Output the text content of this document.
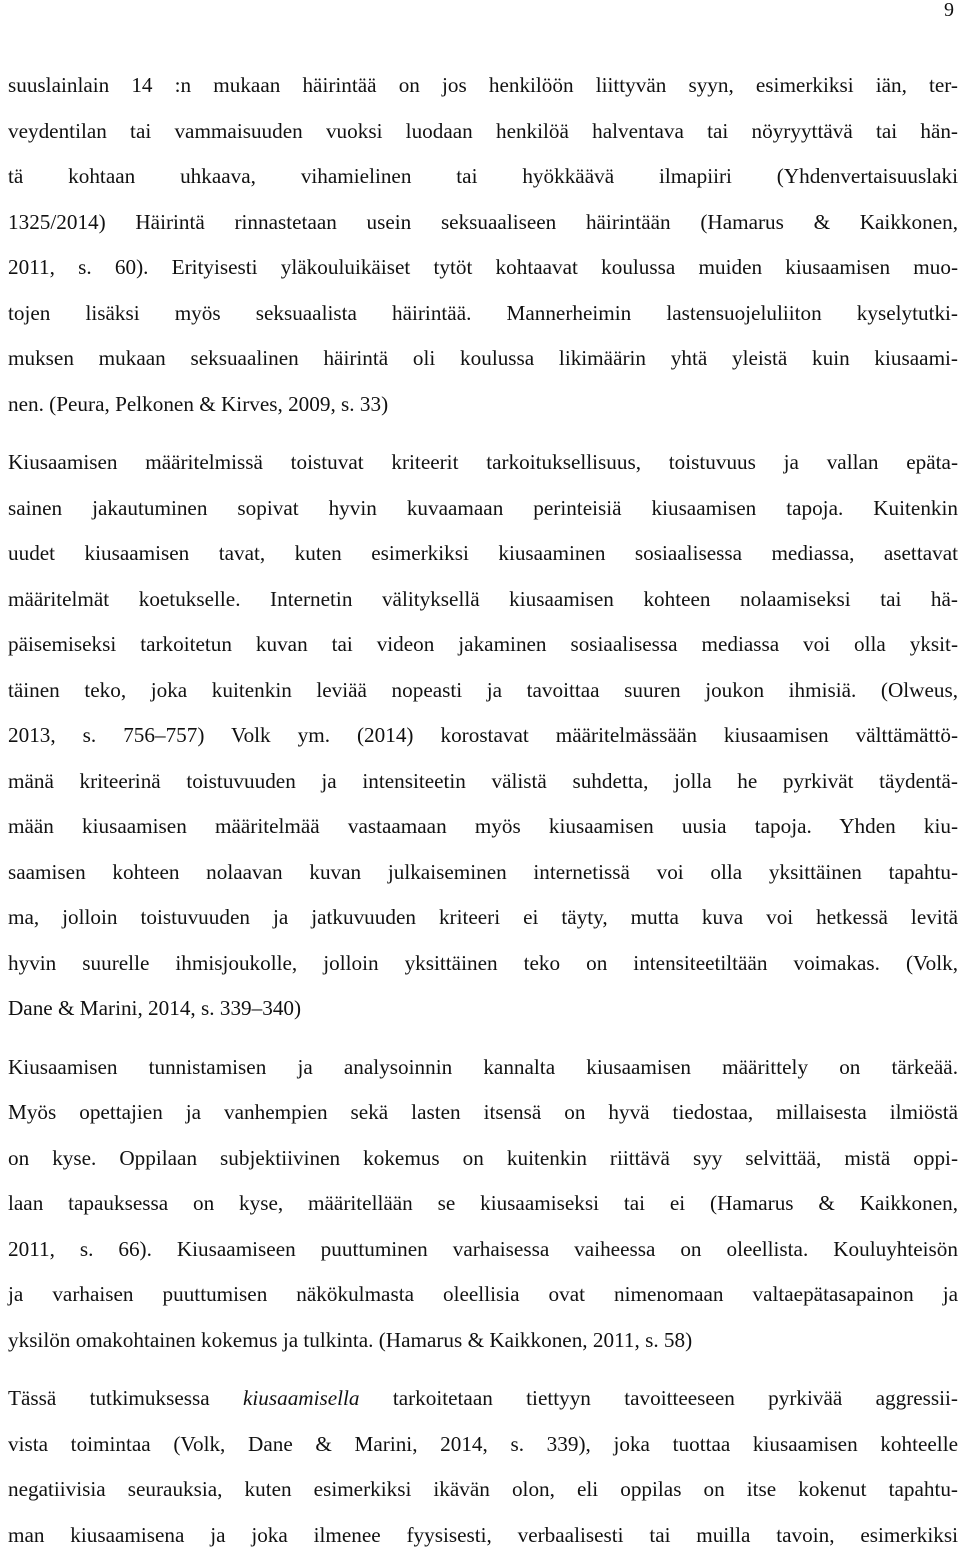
9

suuslainlain 14 :n mukaan häirintää on jos henkilöön liittyvän syyn, esimerkiksi iän, ter-
veydentilan tai vammaisuuden vuoksi luodaan henkilöä halventava tai nöyryyttävä tai hän-
tä kohtaan uhkaava, vihamielinen tai hyökkäävä ilmapiiri (Yhdenvertaisuuslaki
1325/2014) Häirintä rinnastetaan usein seksuaaliseen häirintään (Hamarus & Kaikkonen,
2011, s. 60). Erityisesti yläkouluikäiset tytöt kohtaavat koulussa muiden kiusaamisen muo-
tojen lisäksi myös seksuaalista häirintää. Mannerheimin lastensuojeluliiton kyselytutki-
muksen mukaan seksuaalinen häirintä oli koulussa likimäärin yhtä yleistä kuin kiusaami-
nen. (Peura, Pelkonen & Kirves, 2009, s. 33)

Kiusaamisen määritelmissä toistuvat kriteerit tarkoituksellisuus, toistuvuus ja vallan epäta-
sainen jakautuminen sopivat hyvin kuvaamaan perinteisiä kiusaamisen tapoja. Kuitenkin
uudet kiusaamisen tavat, kuten esimerkiksi kiusaaminen sosiaalisessa mediassa, asettavat
määritelmät koetukselle. Internetin välityksellä kiusaamisen kohteen nolaamiseksi tai hä-
päisemiseksi tarkoitetun kuvan tai videon jakaminen sosiaalisessa mediassa voi olla yksit-
täinen teko, joka kuitenkin leviää nopeasti ja tavoittaa suuren joukon ihmisiä. (Olweus,
2013, s. 756–757) Volk ym. (2014) korostavat määritelmässään kiusaamisen välttämättö-
mänä kriteerinä toistuvuuden ja intensiteetin välistä suhdetta, jolla he pyrkivät täydentä-
mään kiusaamisen määritelmää vastaamaan myös kiusaamisen uusia tapoja. Yhden kiu-
saamisen kohteen nolaavan kuvan julkaiseminen internetissä voi olla yksittäinen tapahtu-
ma, jolloin toistuvuuden ja jatkuvuuden kriteeri ei täyty, mutta kuva voi hetkessä levitä
hyvin suurelle ihmisjoukolle, jolloin yksittäinen teko on intensiteetiltään voimakas. (Volk,
Dane & Marini, 2014, s. 339–340)

Kiusaamisen tunnistamisen ja analysoinnin kannalta kiusaamisen määrittely on tärkeää.
Myös opettajien ja vanhempien sekä lasten itsensä on hyvä tiedostaa, millaisesta ilmiöstä
on kyse. Oppilaan subjektiivinen kokemus on kuitenkin riittävä syy selvittää, mistä oppi-
laan tapauksessa on kyse, määritellään se kiusaamiseksi tai ei (Hamarus & Kaikkonen,
2011, s. 66). Kiusaamiseen puuttuminen varhaisessa vaiheessa on oleellista. Kouluyhteisön
ja varhaisen puuttumisen näkökulmasta oleellisia ovat nimenomaan valtaepätasapainon ja
yksilön omakohtainen kokemus ja tulkinta. (Hamarus & Kaikkonen, 2011, s. 58)

Tässä tutkimuksessa kiusaamisella tarkoitetaan tiettyyn tavoitteeseen pyrkivää aggressii-
vista toimintaa (Volk, Dane & Marini, 2014, s. 339), joka tuottaa kiusaamisen kohteelle
negatiivisia seurauksia, kuten esimerkiksi ikävän olon, eli oppilas on itse kokenut tapahtu-
man kiusaamisena ja joka ilmenee fyysisesti, verbaalisesti tai muilla tavoin, esimerkiksi
